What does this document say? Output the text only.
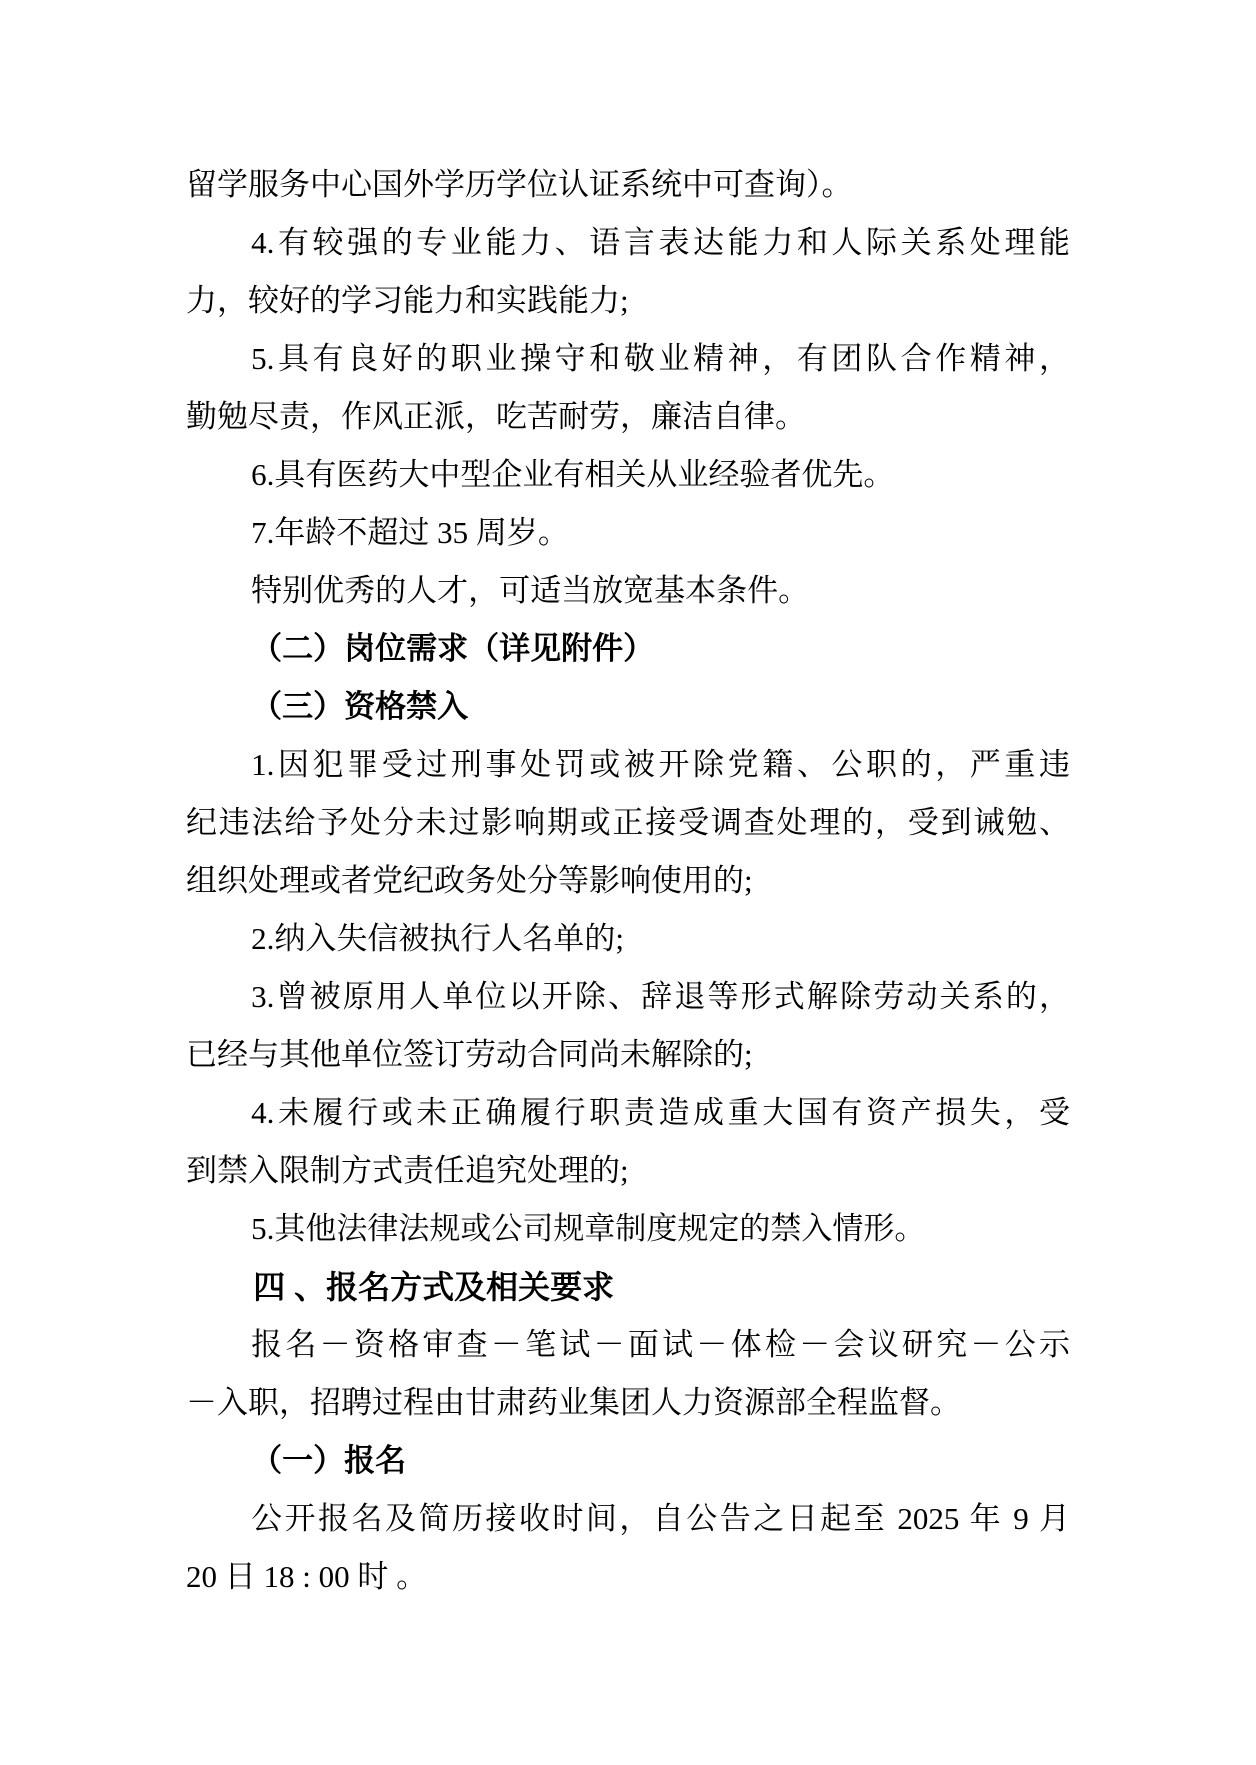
留学服务中心国外学历学位认证系统中可查询）。
4.有较强的专业能力、语言表达能力和人际关系处理能
力，较好的学习能力和实践能力;
5.具有良好的职业操守和敬业精神，有团队合作精神，
勤勉尽责，作风正派，吃苦耐劳，廉洁自律。
6.具有医药大中型企业有相关从业经验者优先。
7.年龄不超过 35 周岁。
特别优秀的人才，可适当放宽基本条件。
（二）岗位需求（详见附件）
（三）资格禁入
1.因犯罪受过刑事处罚或被开除党籍、公职的，严重违
纪违法给予处分未过影响期或正接受调查处理的，受到诫勉、
组织处理或者党纪政务处分等影响使用的;
2.纳入失信被执行人名单的;
3.曾被原用人单位以开除、辞退等形式解除劳动关系的，
已经与其他单位签订劳动合同尚未解除的;
4.未履行或未正确履行职责造成重大国有资产损失，受
到禁入限制方式责任追究处理的;
5.其他法律法规或公司规章制度规定的禁入情形。
四 、报名方式及相关要求
报名－资格审查－笔试－面试－体检－会议研究－公示
－入职，招聘过程由甘肃药业集团人力资源部全程监督。
（一）报名
公开报名及简历接收时间，自公告之日起至 2025 年 9 月
20 日 18 : 00 时 。
